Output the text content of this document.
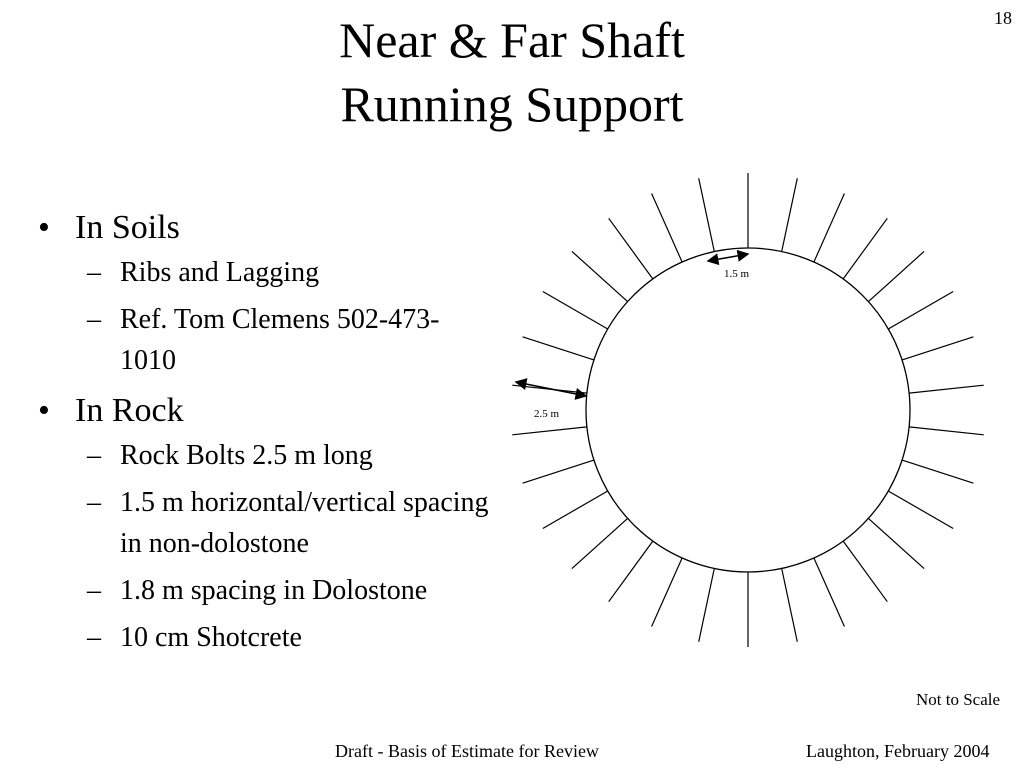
18
Near & Far Shaft
Running Support
• In Soils
– Ribs and Lagging
– Ref. Tom Clemens 502-473-1010
• In Rock
– Rock Bolts 2.5 m long
– 1.5 m horizontal/vertical spacing in non-dolostone
– 1.8 m spacing in Dolostone
– 10 cm Shotcrete
1.5 m
2.5 m
Not to Scale
Draft - Basis of Estimate for Review	Laughton, February 2004
